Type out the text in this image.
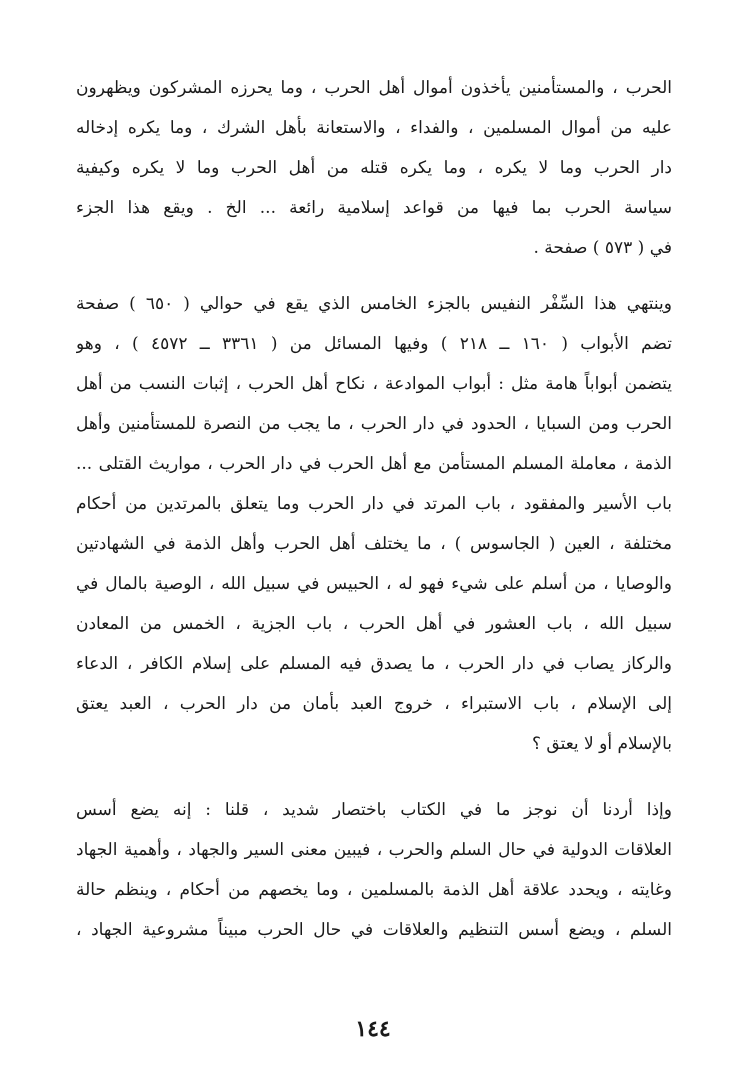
الحرب ، والمستأمنين يأخذون أموال أهل الحرب ، وما يحرزه المشركون ويظهرون
عليه من أموال المسلمين ، والفداء ، والاستعانة بأهل الشرك ، وما يكره إدخاله
دار الحرب وما لا يكره ، وما يكره قتله من أهل الحرب وما لا يكره وكيفية
سياسة الحرب بما فيها من قواعد إسلامية رائعة ... الخ . ويقع هذا الجزء
في ( ٥٧٣ ) صفحة .
وينتهي هذا السِّفْر النفيس بالجزء الخامس الذي يقع في حوالي ( ٦٥٠ ) صفحة
تضم الأبواب ( ١٦٠ ــ ٢١٨ ) وفيها المسائل من ( ٣٣٦١ ــ ٤٥٧٢ ) ، وهو
يتضمن أبواباً هامة مثل : أبواب الموادعة ، نكاح أهل الحرب ، إثبات النسب من أهل
الحرب ومن السبايا ، الحدود في دار الحرب ، ما يجب من النصرة للمستأمنين وأهل
الذمة ، معاملة المسلم المستأمن مع أهل الحرب في دار الحرب ، مواريث القتلى ...
باب الأسير والمفقود ، باب المرتد في دار الحرب وما يتعلق بالمرتدين من أحكام
مختلفة ، العين ( الجاسوس ) ، ما يختلف أهل الحرب وأهل الذمة في الشهادتين
والوصايا ، من أسلم على شيء فهو له ، الحبيس في سبيل الله ، الوصية بالمال في
سبيل الله ، باب العشور في أهل الحرب ، باب الجزية ، الخمس من المعادن
والركاز يصاب في دار الحرب ، ما يصدق فيه المسلم على إسلام الكافر ، الدعاء
إلى الإسلام ، باب الاستبراء ، خروج العبد بأمان من دار الحرب ، العبد يعتق
بالإسلام أو لا يعتق ؟
وإذا أردنا أن نوجز ما في الكتاب باختصار شديد ، قلنا : إنه يضع أسس
العلاقات الدولية في حال السلم والحرب ، فيبين معنى السير والجهاد ، وأهمية الجهاد
وغايته ، ويحدد علاقة أهل الذمة بالمسلمين ، وما يخصهم من أحكام ، وينظم حالة
السلم ، ويضع أسس التنظيم والعلاقات في حال الحرب مبيناً مشروعية الجهاد ،
١٤٤
